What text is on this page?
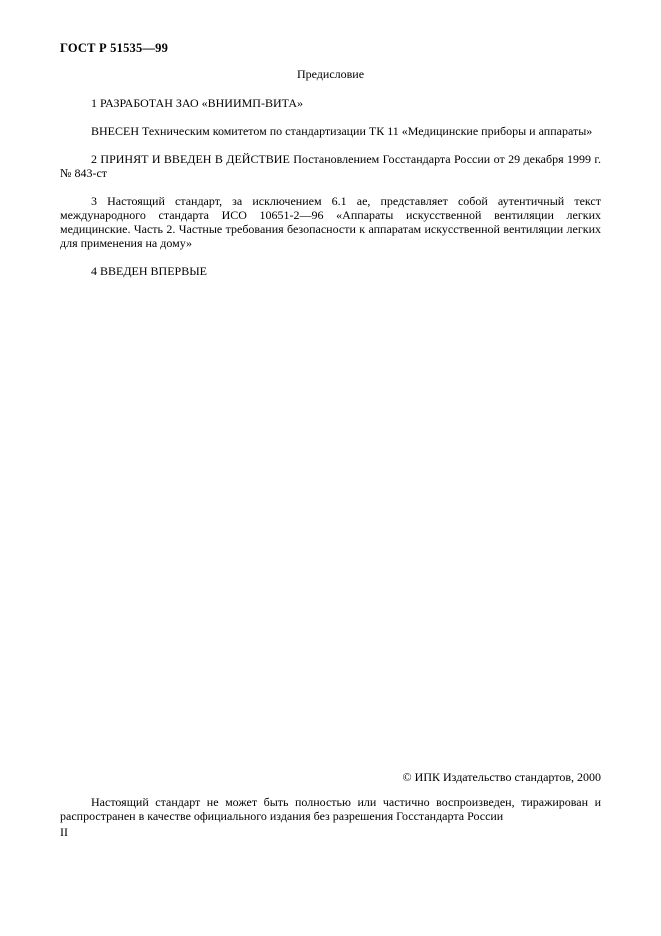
ГОСТ Р 51535—99
Предисловие
1 РАЗРАБОТАН ЗАО «ВНИИМП-ВИТА»
ВНЕСЕН Техническим комитетом по стандартизации ТК 11 «Медицинские приборы и аппараты»
2 ПРИНЯТ И ВВЕДЕН В ДЕЙСТВИЕ Постановлением Госстандарта России от 29 декабря 1999 г. № 843-ст
3 Настоящий стандарт, за исключением 6.1 ае, представляет собой аутентичный текст международного стандарта ИСО 10651-2—96 «Аппараты искусственной вентиляции легких медицинские. Часть 2. Частные требования безопасности к аппаратам искусственной вентиляции легких для применения на дому»
4 ВВЕДЕН ВПЕРВЫЕ
© ИПК Издательство стандартов, 2000
Настоящий стандарт не может быть полностью или частично воспроизведен, тиражирован и распространен в качестве официального издания без разрешения Госстандарта России
II
